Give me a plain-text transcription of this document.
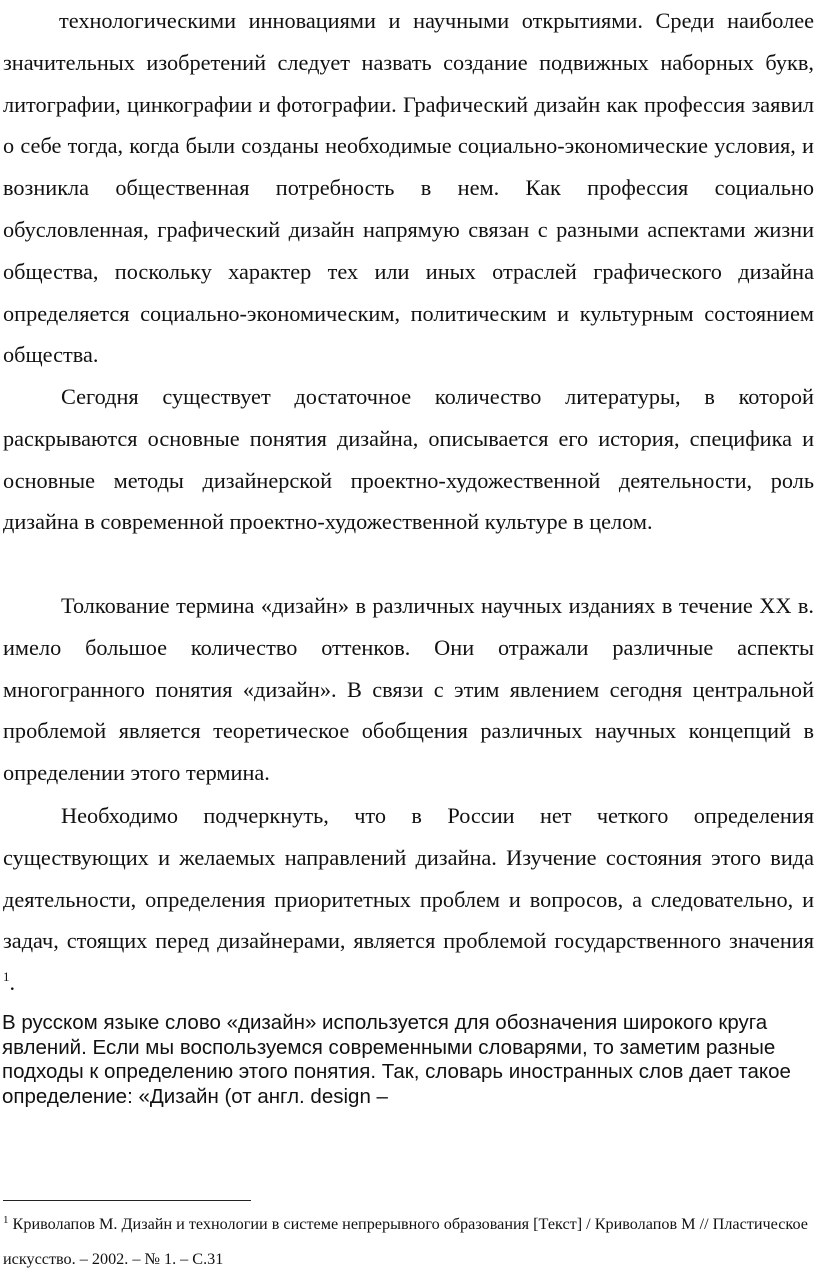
технологическими инновациями и научными открытиями. Среди наиболее значительных изобретений следует назвать создание подвижных наборных букв, литографии, цинкографии и фотографии. Графический дизайн как профессия заявил о себе тогда, когда были созданы необходимые социально-экономические условия, и возникла общественная потребность в нем. Как профессия социально обусловленная, графический дизайн напрямую связан с разными аспектами жизни общества, поскольку характер тех или иных отраслей графического дизайна определяется социально-экономическим, политическим и культурным состоянием общества.

Сегодня существует достаточное количество литературы, в которой раскрываются основные понятия дизайна, описывается его история, специфика и основные методы дизайнерской проектно-художественной деятельности, роль дизайна в современной проектно-художественной культуре в целом.

Толкование термина «дизайн» в различных научных изданиях в течение XX в. имело большое количество оттенков. Они отражали различные аспекты многогранного понятия «дизайн». В связи с этим явлением сегодня центральной проблемой является теоретическое обобщения различных научных концепций в определении этого термина.

Необходимо подчеркнуть, что в России нет четкого определения существующих и желаемых направлений дизайна. Изучение состояния этого вида деятельности, определения приоритетных проблем и вопросов, а следовательно, и задач, стоящих перед дизайнерами, является проблемой государственного значения $^1$.

В русском языке слово «дизайн» используется для обозначения широкого круга явлений. Если мы воспользуемся современными словарями, то заметим разные подходы к определению этого понятия. Так, словарь иностранных слов дает такое определение: «Дизайн (от англ. design –

$^1$ Криволапов М. Дизайн и технологии в системе непрерывного образования [Текст] / Криволапов М // Пластическое искусство. – 2002. – № 1. – С.31
